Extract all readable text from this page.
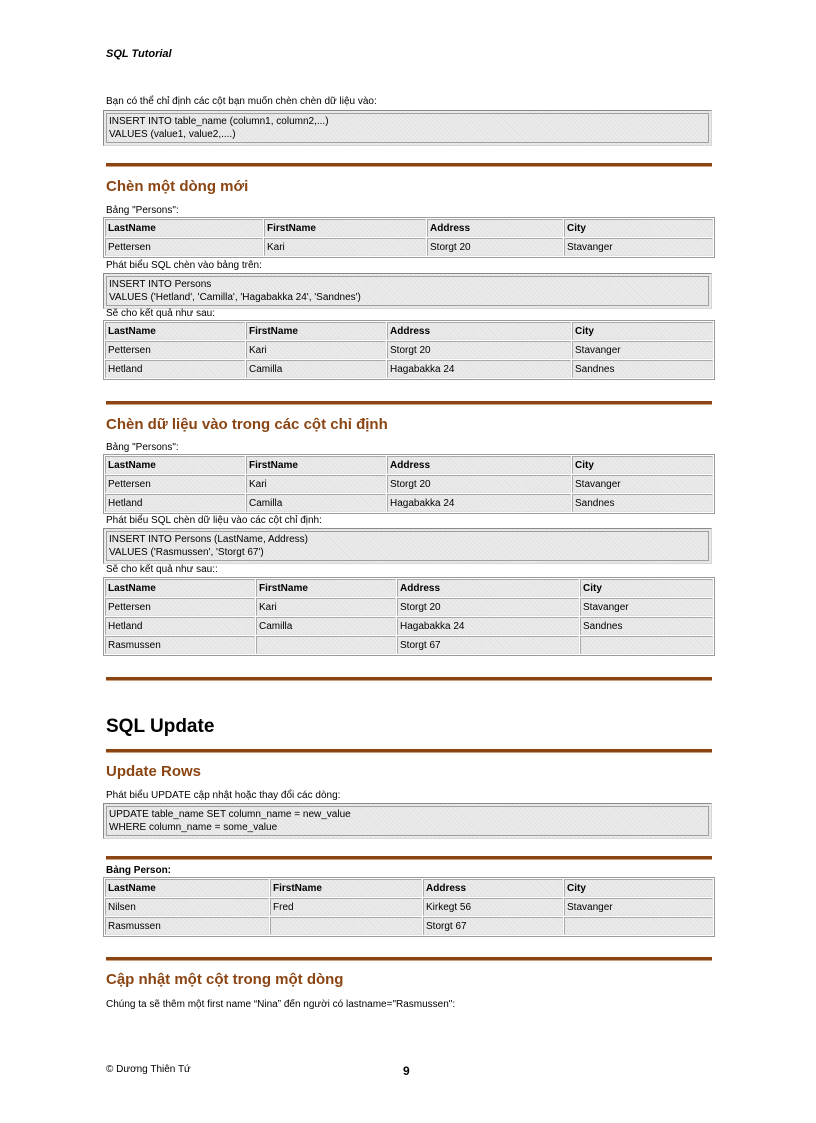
SQL Tutorial
Bạn có thể chỉ định các cột bạn muốn chèn chèn dữ liệu vào:
INSERT INTO table_name (column1, column2,...)
VALUES (value1, value2,....)
Chèn một dòng mới
Bảng "Persons":
LastName	FirstName	Address	City
Pettersen	Kari	Storgt 20	Stavanger
Phát biểu SQL chèn vào bảng trên:
INSERT INTO Persons
VALUES ('Hetland', 'Camilla', 'Hagabakka 24', 'Sandnes')
Sẽ cho kết quả như sau:
LastName	FirstName	Address	City
Pettersen	Kari	Storgt 20	Stavanger
Hetland	Camilla	Hagabakka 24	Sandnes
Chèn dữ liệu vào trong các cột chỉ định
Bảng "Persons":
LastName	FirstName	Address	City
Pettersen	Kari	Storgt 20	Stavanger
Hetland	Camilla	Hagabakka 24	Sandnes
Phát biểu SQL chèn dữ liệu vào các cột chỉ định:
INSERT INTO Persons (LastName, Address)
VALUES ('Rasmussen', 'Storgt 67')
Sẽ cho kết quả như sau::
LastName	FirstName	Address	City
Pettersen	Kari	Storgt 20	Stavanger
Hetland	Camilla	Hagabakka 24	Sandnes
Rasmussen		Storgt 67	
SQL Update
Update Rows
Phát biểu UPDATE cập nhật hoặc thay đổi các dòng:
UPDATE table_name SET column_name = new_value
WHERE column_name = some_value
Bảng Person:
LastName	FirstName	Address	City
Nilsen	Fred	Kirkegt 56	Stavanger
Rasmussen		Storgt 67	
Cập nhật một cột trong một dòng
Chúng ta sẽ thêm một first name “Nina” đến người có lastname="Rasmussen":
© Dương Thiên Tứ	9
